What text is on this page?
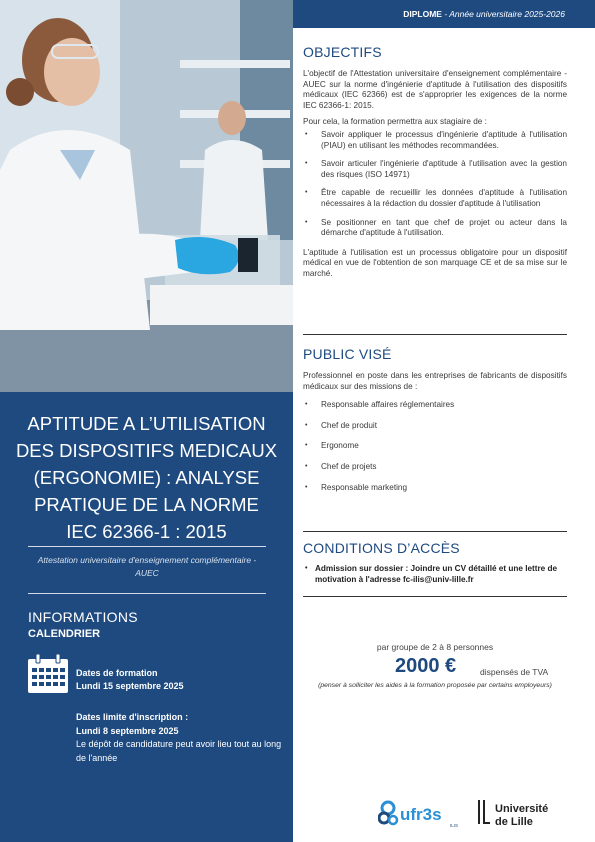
APTITUDE A L’UTILISATION
DES DISPOSITIFS MEDICAUX
(ERGONOMIE) : ANALYSE
PRATIQUE DE LA NORME
IEC 62366-1 : 2015
Attestation universitaire d'enseignement complémentaire - AUEC
INFORMATIONS
CALENDRIER
Dates de formation
Lundi 15 septembre 2025
Dates limite d'inscription :
Lundi 8 septembre 2025
Le dépôt de candidature peut avoir lieu tout au long de l'année
DIPLOME - Année universitaire 2025-2026
OBJECTIFS
L'objectif de l'Attestation universitaire d'enseignement complémentaire - AUEC sur la norme d'ingénierie d'aptitude à l'utilisation des dispositifs médicaux (IEC 62366) est de s'approprier les exigences de la norme IEC 62366-1: 2015.
Pour cela, la formation permettra aux stagiaire de :
• Savoir appliquer le processus d'ingénierie d'aptitude à l'utilisation (PIAU) en utilisant les méthodes recommandées.
• Savoir articuler l'ingénierie d'aptitude à l'utilisation avec la gestion des risques (ISO 14971)
• Être capable de recueillir les données d'aptitude à l'utilisation nécessaires à la rédaction du dossier d'aptitude à l'utilisation
• Se positionner en tant que chef de projet ou acteur dans la démarche d'aptitude à l'utilisation.
L'aptitude à l'utilisation est un processus obligatoire pour un dispositif médical en vue de l'obtention de son marquage CE et de sa mise sur le marché.
PUBLIC VISÉ
Professionnel en poste dans les entreprises de fabricants de dispositifs médicaux sur des missions de :
• Responsable affaires réglementaires
• Chef de produit
• Ergonome
• Chef de projets
• Responsable marketing
CONDITIONS D’ACCÈS
• Admission sur dossier : Joindre un CV détaillé et une lettre de motivation à l'adresse fc-ilis@univ-lille.fr
par groupe de 2 à 8 personnes
2000 €	dispensés de TVA
(penser à solliciter les aides à la formation proposée par certains employeurs)
ufr3s
ILIS
Université
de Lille
